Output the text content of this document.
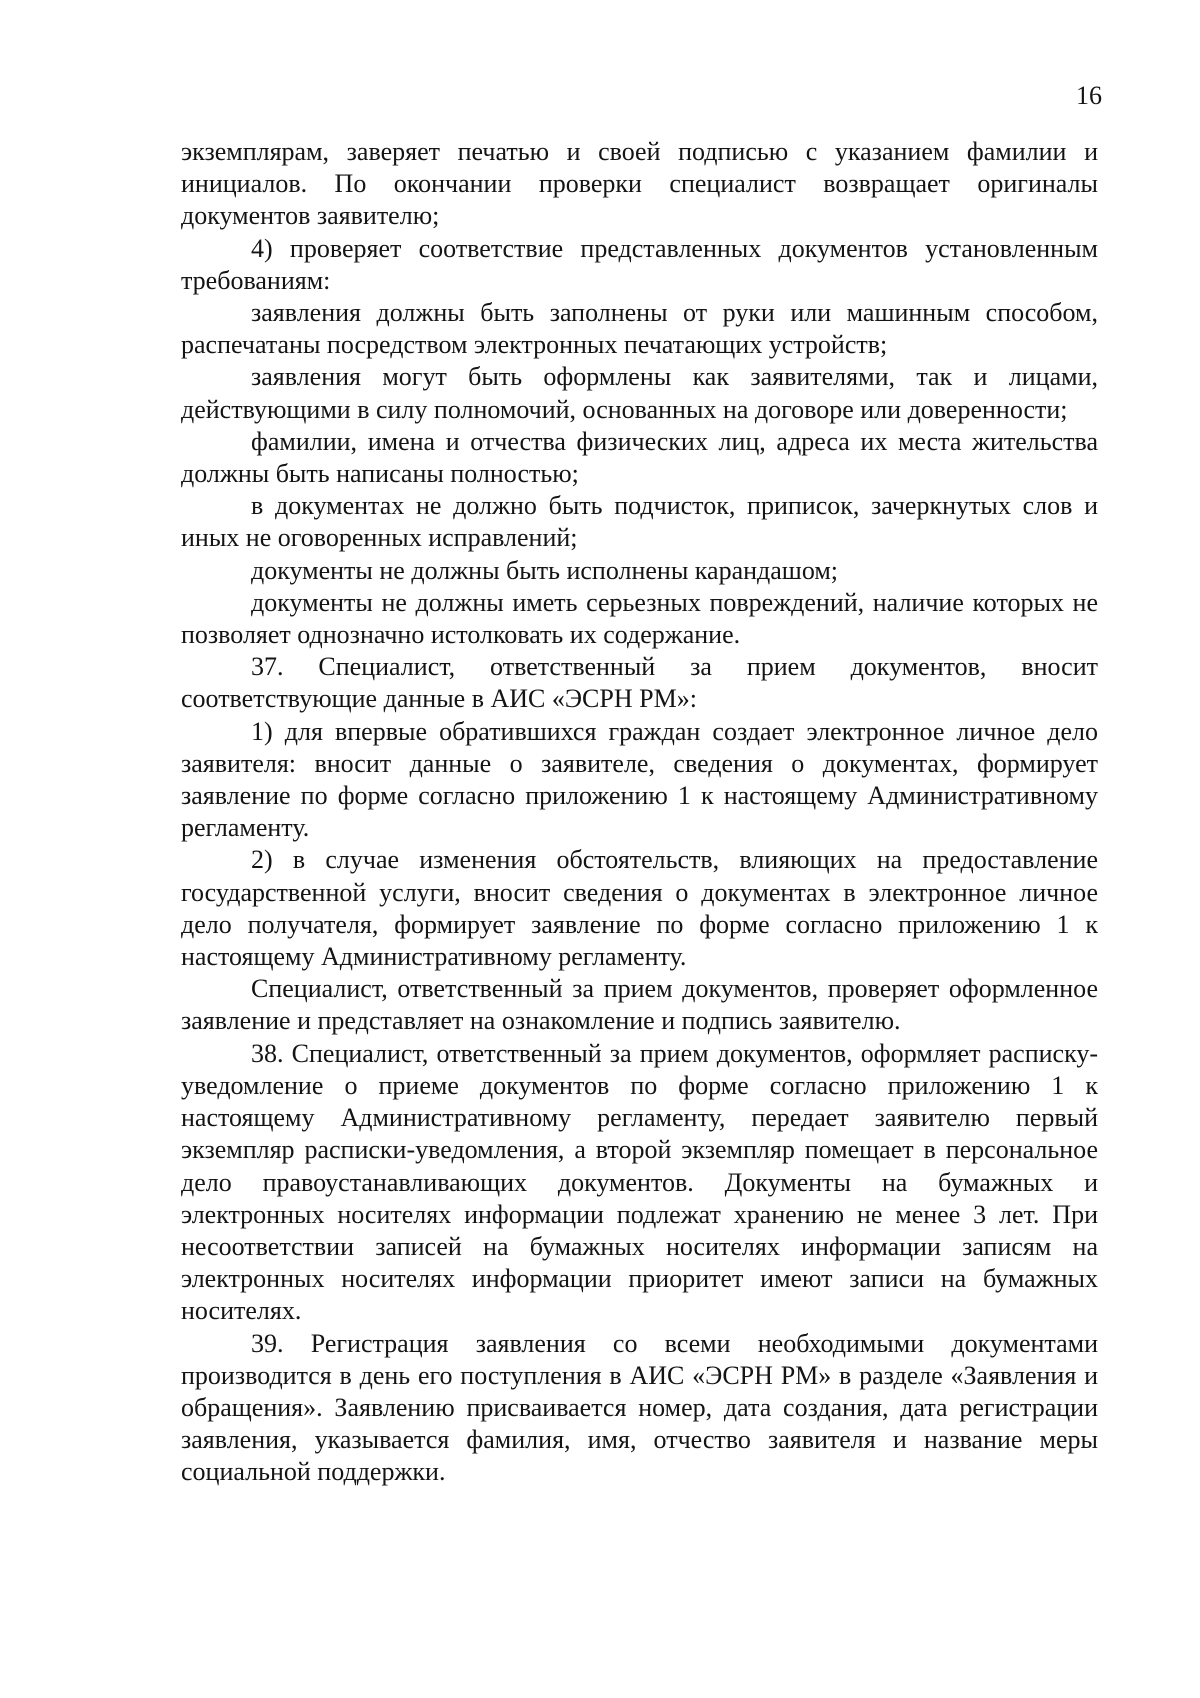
16

экземплярам, заверяет печатью и своей подписью с указанием фамилии и инициалов. По окончании проверки специалист возвращает оригиналы документов заявителю;

4) проверяет соответствие представленных документов установленным требованиям:

заявления должны быть заполнены от руки или машинным способом, распечатаны посредством электронных печатающих устройств;

заявления могут быть оформлены как заявителями, так и лицами, действующими в силу полномочий, основанных на договоре или доверенности;

фамилии, имена и отчества физических лиц, адреса их места жительства должны быть написаны полностью;

в документах не должно быть подчисток, приписок, зачеркнутых слов и иных не оговоренных исправлений;

документы не должны быть исполнены карандашом;

документы не должны иметь серьезных повреждений, наличие которых не позволяет однозначно истолковать их содержание.

37. Специалист, ответственный за прием документов, вносит соответствующие данные в АИС «ЭСРН РМ»:

1) для впервые обратившихся граждан создает электронное личное дело заявителя: вносит данные о заявителе, сведения о документах, формирует заявление по форме согласно приложению 1 к настоящему Административному регламенту.

2) в случае изменения обстоятельств, влияющих на предоставление государственной услуги, вносит сведения о документах в электронное личное дело получателя, формирует заявление по форме согласно приложению 1 к настоящему Административному регламенту.

Специалист, ответственный за прием документов, проверяет оформленное заявление и представляет на ознакомление и подпись заявителю.

38. Специалист, ответственный за прием документов, оформляет расписку-уведомление о приеме документов по форме согласно приложению 1 к настоящему Административному регламенту, передает заявителю первый экземпляр расписки-уведомления, а второй экземпляр помещает в персональное дело правоустанавливающих документов. Документы на бумажных и электронных носителях информации подлежат хранению не менее 3 лет. При несоответствии записей на бумажных носителях информации записям на электронных носителях информации приоритет имеют записи на бумажных носителях.

39. Регистрация заявления со всеми необходимыми документами производится в день его поступления в АИС «ЭСРН РМ» в разделе «Заявления и обращения». Заявлению присваивается номер, дата создания, дата регистрации заявления, указывается фамилия, имя, отчество заявителя и название меры социальной поддержки.
